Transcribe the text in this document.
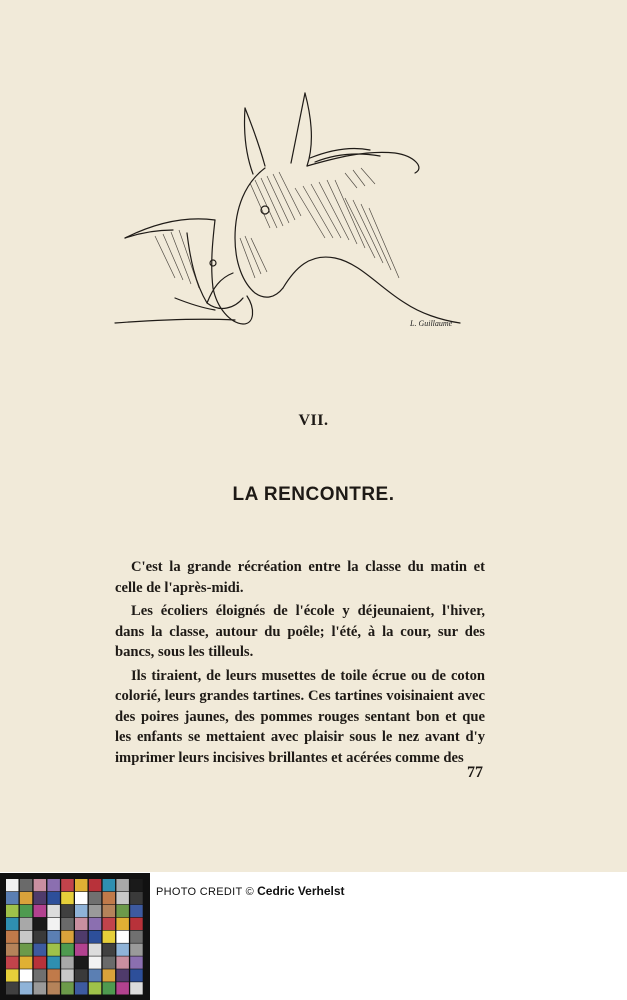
L. Guillaume
VII.
LA RENCONTRE.

C'est la grande récréation entre la classe du matin et celle de l'après-midi.

Les écoliers éloignés de l'école y déjeunaient, l'hiver, dans la classe, autour du poêle; l'été, à la cour, sur des bancs, sous les tilleuls.

Ils tiraient, de leurs musettes de toile écrue ou de coton colorié, leurs grandes tartines. Ces tartines voisinaient avec des poires jaunes, des pommes rouges sentant bon et que les enfants se mettaient avec plaisir sous le nez avant d'y imprimer leurs incisives brillantes et acérées comme des

77
PHOTO CREDIT © Cedric Verhelst
